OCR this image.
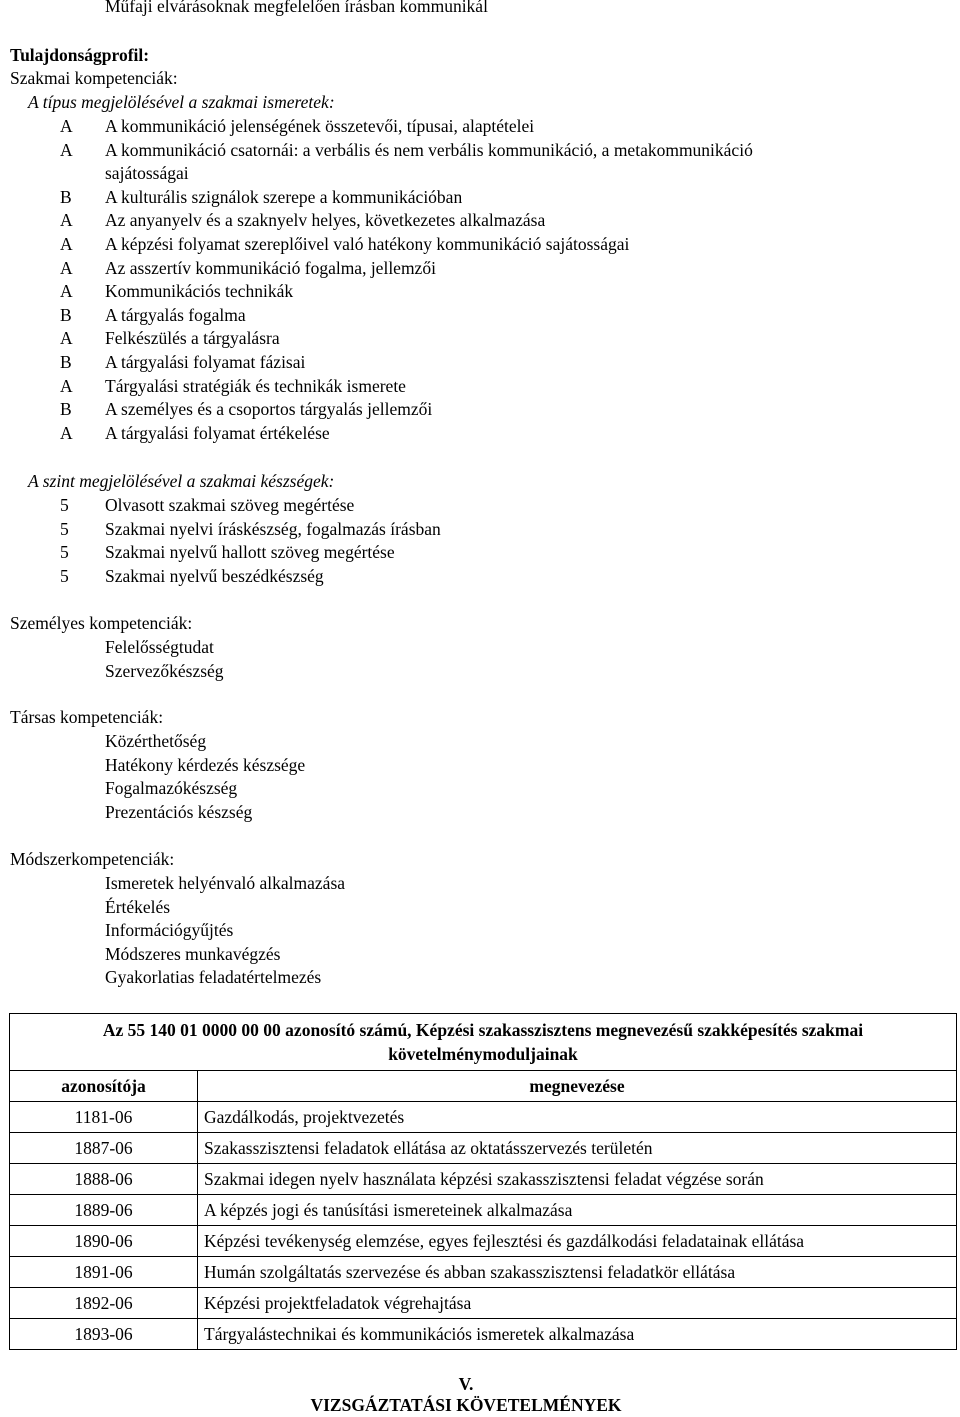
Műfaji elvárásoknak megfelelően írásban kommunikál
Tulajdonságprofil:
Szakmai kompetenciák:
A típus megjelölésével a szakmai ismeretek:
A	A kommunikáció jelenségének összetevői, típusai, alaptételei
A	A kommunikáció csatornái: a verbális és nem verbális kommunikáció, a metakommunikáció
sajátosságai
B	A kulturális szignálok szerepe a kommunikációban
A	Az anyanyelv és a szaknyelv helyes, következetes alkalmazása
A	A képzési folyamat szereplőivel való hatékony kommunikáció sajátosságai
A	Az asszertív kommunikáció fogalma, jellemzői
A	Kommunikációs technikák
B	A tárgyalás fogalma
A	Felkészülés a tárgyalásra
B	A tárgyalási folyamat fázisai
A	Tárgyalási stratégiák és technikák ismerete
B	A személyes és a csoportos tárgyalás jellemzői
A	A tárgyalási folyamat értékelése
A szint megjelölésével a szakmai készségek:
5	Olvasott szakmai szöveg megértése
5	Szakmai nyelvi íráskészség, fogalmazás írásban
5	Szakmai nyelvű hallott szöveg megértése
5	Szakmai nyelvű beszédkészség
Személyes kompetenciák:
Felelősségtudat
Szervezőkészség
Társas kompetenciák:
Közérthetőség
Hatékony kérdezés készsége
Fogalmazókészség
Prezentációs készség
Módszerkompetenciák:
Ismeretek helyénvaló alkalmazása
Értékelés
Információgyűjtés
Módszeres munkavégzés
Gyakorlatias feladatértelmezés
Az 55 140 01 0000 00 00 azonosító számú, Képzési szakasszisztens megnevezésű szakképesítés szakmai követelménymoduljainak	
azonosítója	megnevezése
1181-06	Gazdálkodás, projektvezetés
1887-06	Szakasszisztensi feladatok ellátása az oktatásszervezés területén
1888-06	Szakmai idegen nyelv használata képzési szakasszisztensi feladat végzése során
1889-06	A képzés jogi és tanúsítási ismereteinek alkalmazása
1890-06	Képzési tevékenység elemzése, egyes fejlesztési és gazdálkodási feladatainak ellátása
1891-06	Humán szolgáltatás szervezése és abban szakasszisztensi feladatkör ellátása
1892-06	Képzési projektfeladatok végrehajtása
1893-06	Tárgyalástechnikai és kommunikációs ismeretek alkalmazása
V.
VIZSGÁZTATÁSI KÖVETELMÉNYEK
